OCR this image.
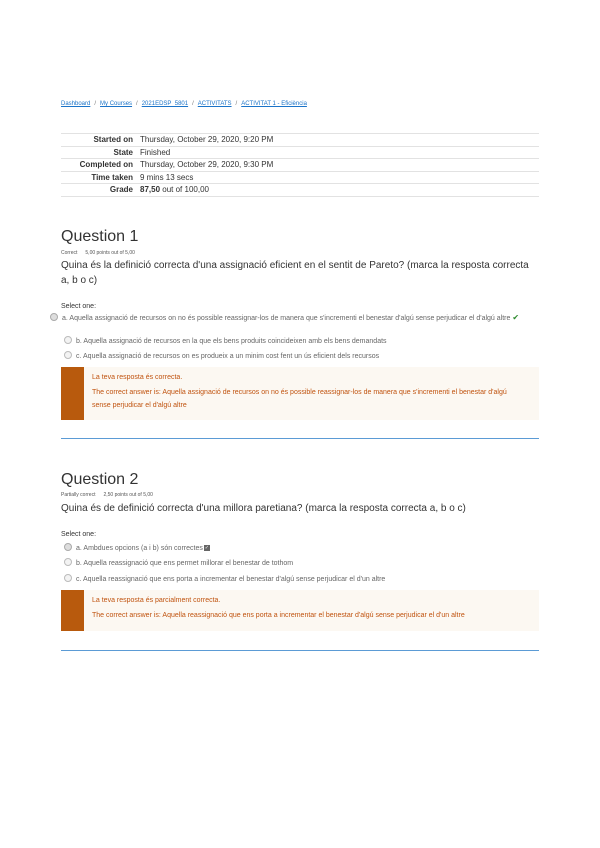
Dashboard / My Courses / 2021EDSP_5801 / ACTIVITATS / ACTIVITAT 1 - Eficiència
Started on	Thursday, October 29, 2020, 9:20 PM
State	Finished
Completed on	Thursday, October 29, 2020, 9:30 PM
Time taken	9 mins 13 secs
Grade	87,50 out of 100,00
Question 1
Correct 5,00 points out of 5,00
Quina és la definició correcta d'una assignació eficient en el sentit de Pareto? (marca la resposta correcta a, b o c)
Select one:
a. Aquella assignació de recursos on no és possible reassignar-los de manera que s'incrementi el benestar d'algú sense perjudicar el d'algú altre ✔
b. Aquella assignació de recursos en la que els bens produits coincideixen amb els bens demandats
c. Aquella assignació de recursos on es produeix a un minim cost fent un ús eficient dels recursos
La teva resposta és correcta.
The correct answer is: Aquella assignació de recursos on no és possible reassignar-los de manera que s'incrementi el benestar d'algú sense perjudicar el d'algú altre
Question 2
Partially correct 2,50 points out of 5,00
Quina és de definició correcta d'una millora paretiana? (marca la resposta correcta a, b o c)
Select one:
a. Ambdues opcions (a i b) són correctes ✓
b. Aquella reassignació que ens permet millorar el benestar de tothom
c. Aquella reassignació que ens porta a incrementar el benestar d'algú sense perjudicar el d'un altre
La teva resposta és parcialment correcta.
The correct answer is: Aquella reassignació que ens porta a incrementar el benestar d'algú sense perjudicar el d'un altre
